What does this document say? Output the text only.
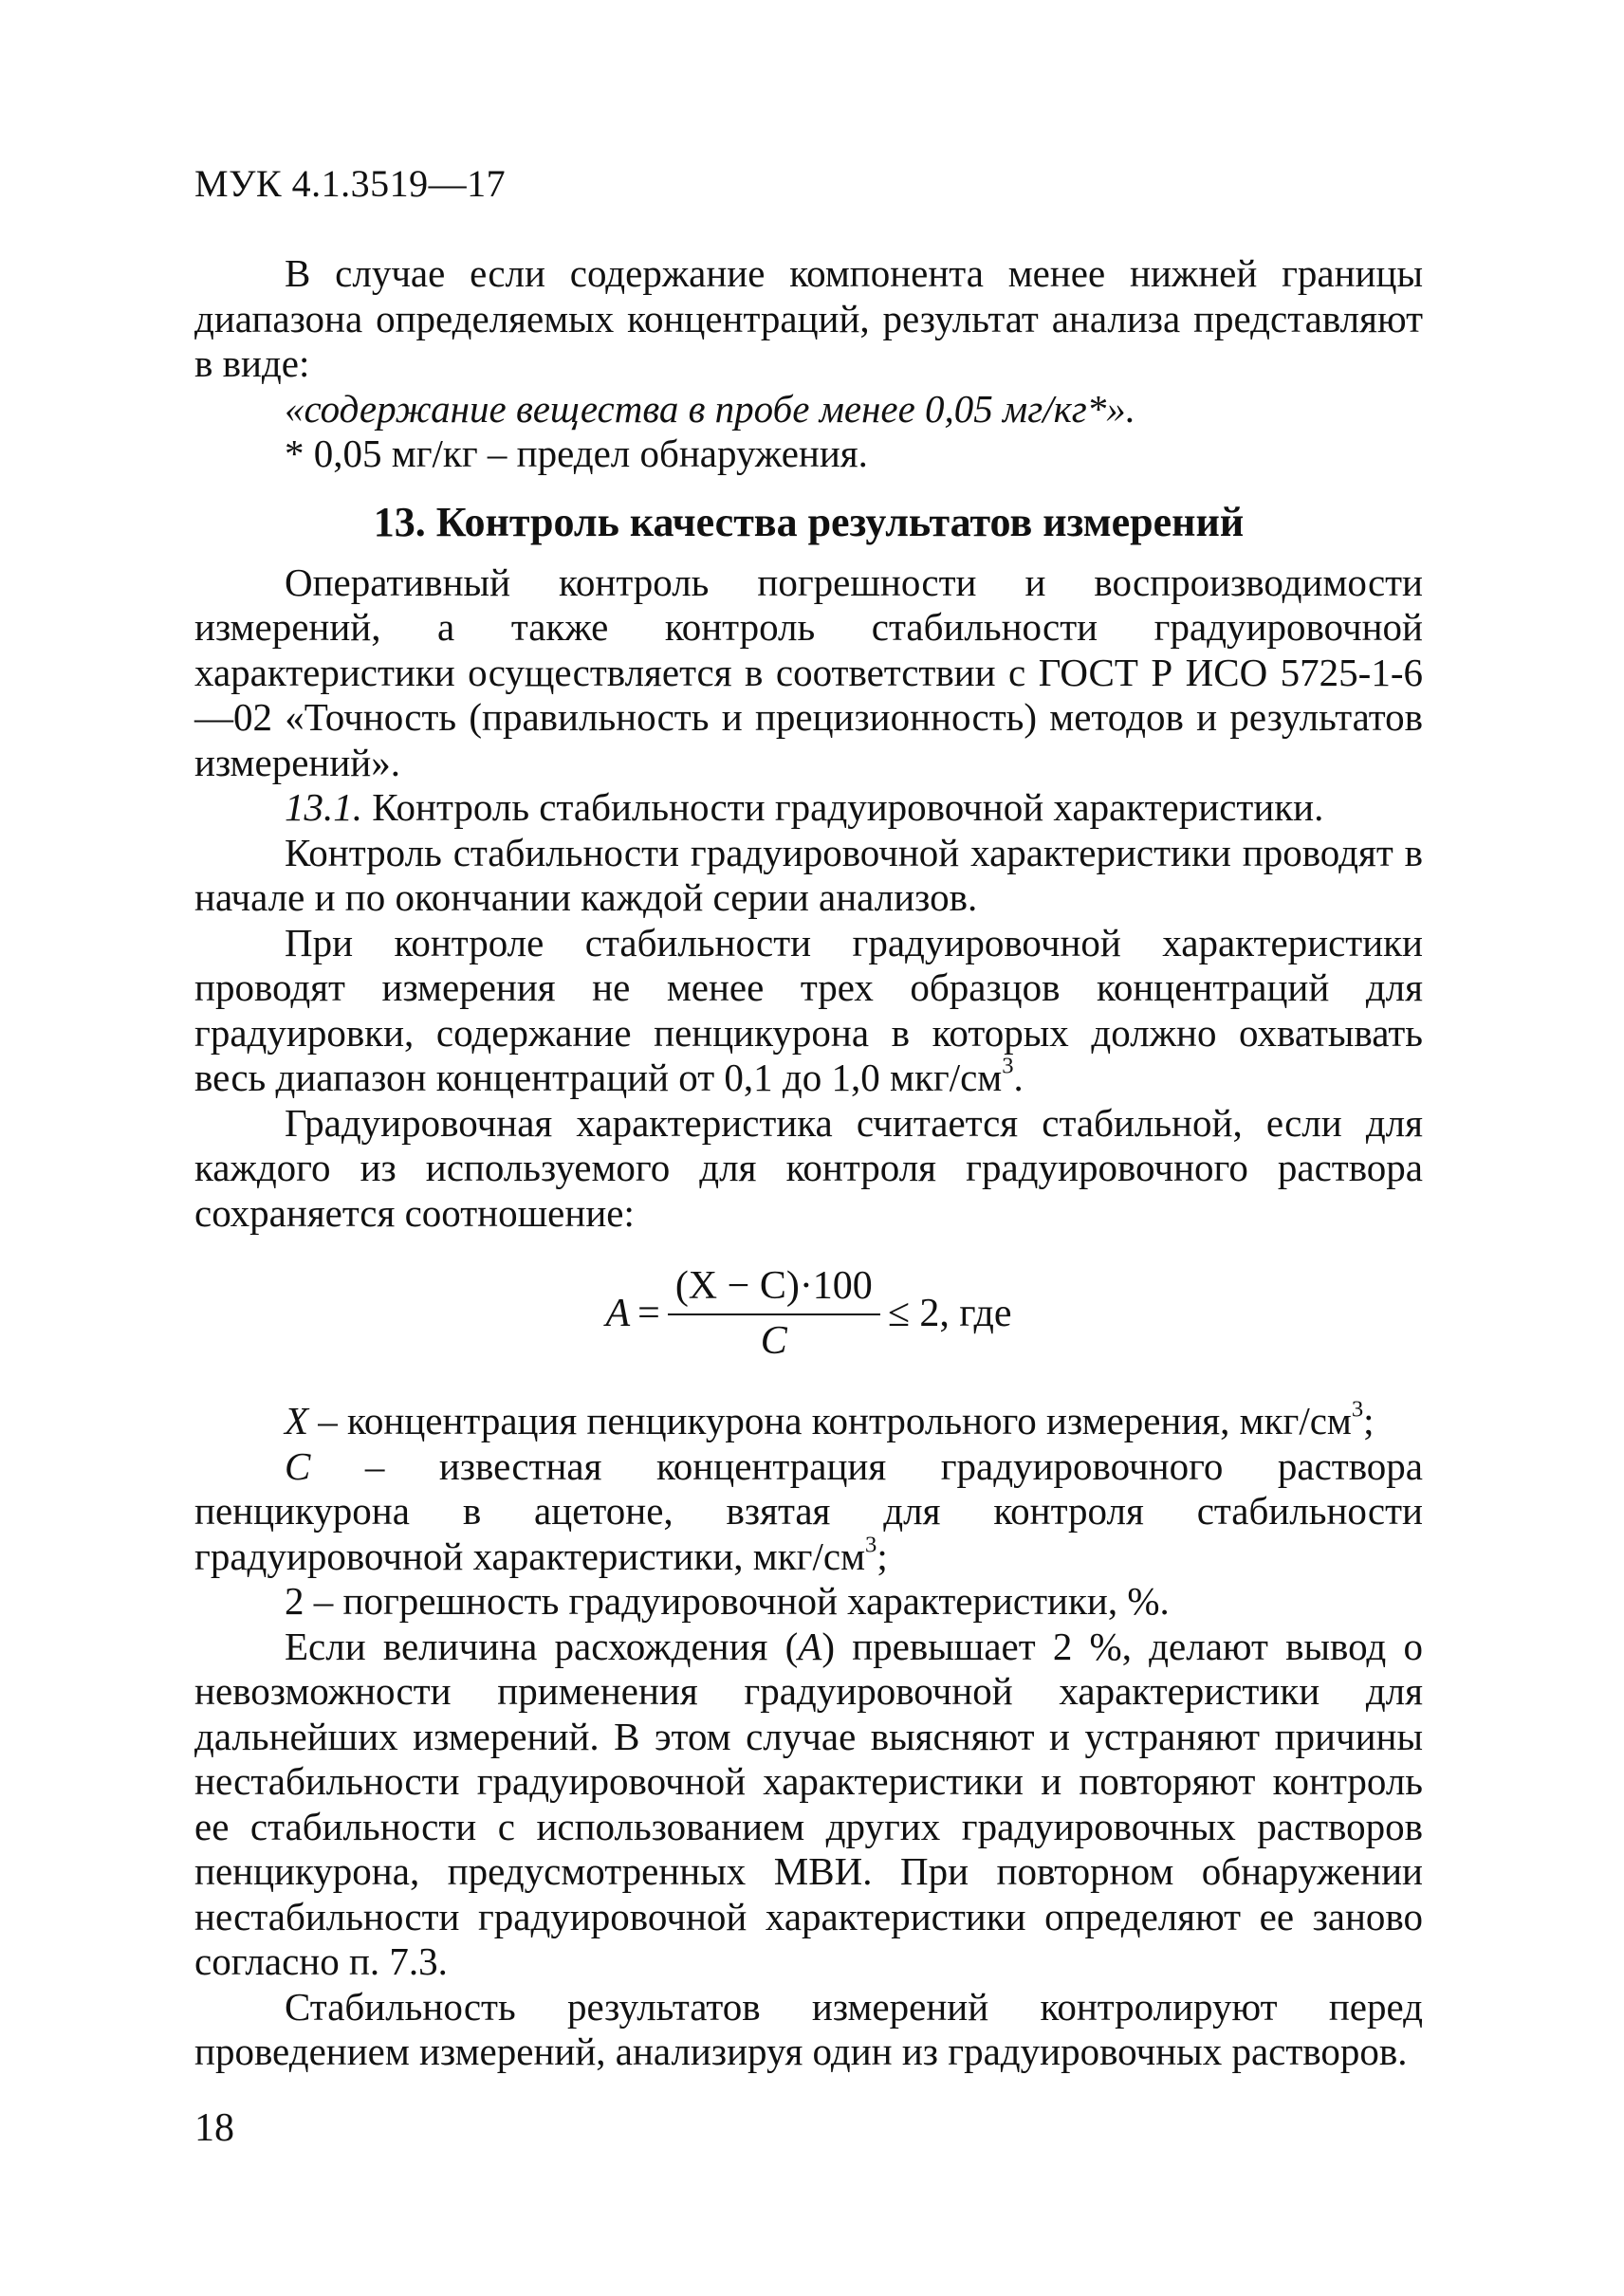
МУК 4.1.3519—17

В случае если содержание компонента менее нижней границы диапазона определяемых концентраций, результат анализа представляют в виде:

«содержание вещества в пробе менее 0,05 мг/кг*».

* 0,05 мг/кг – предел обнаружения.

13. Контроль качества результатов измерений

Оперативный контроль погрешности и воспроизводимости измерений, а также контроль стабильности градуировочной характеристики осуществляется в соответствии с ГОСТ Р ИСО 5725-1-6—02 «Точность (правильность и прецизионность) методов и результатов измерений».

13.1. Контроль стабильности градуировочной характеристики.

Контроль стабильности градуировочной характеристики проводят в начале и по окончании каждой серии анализов.

При контроле стабильности градуировочной характеристики проводят измерения не менее трех образцов концентраций для градуировки, содержание пенцикурона в которых должно охватывать весь диапазон концентраций от 0,1 до 1,0 мкг/$см^3$.

Градуировочная характеристика считается стабильной, если для каждого из используемого для контроля градуировочного раствора сохраняется соотношение:

$A = \frac{(X - C)\cdot 100}{C} \le 2$, где

X – концентрация пенцикурона контрольного измерения, мкг/$см^3$;

C – известная концентрация градуировочного раствора пенцикурона в ацетоне, взятая для контроля стабильности градуировочной характеристики, мкг/$см^3$;

2 – погрешность градуировочной характеристики, %.

Если величина расхождения (A) превышает 2 %, делают вывод о невозможности применения градуировочной характеристики для дальнейших измерений. В этом случае выясняют и устраняют причины нестабильности градуировочной характеристики и повторяют контроль ее стабильности с использованием других градуировочных растворов пенцикурона, предусмотренных МВИ. При повторном обнаружении нестабильности градуировочной характеристики определяют ее заново согласно п. 7.3.

Стабильность результатов измерений контролируют перед проведением измерений, анализируя один из градуировочных растворов.

18
